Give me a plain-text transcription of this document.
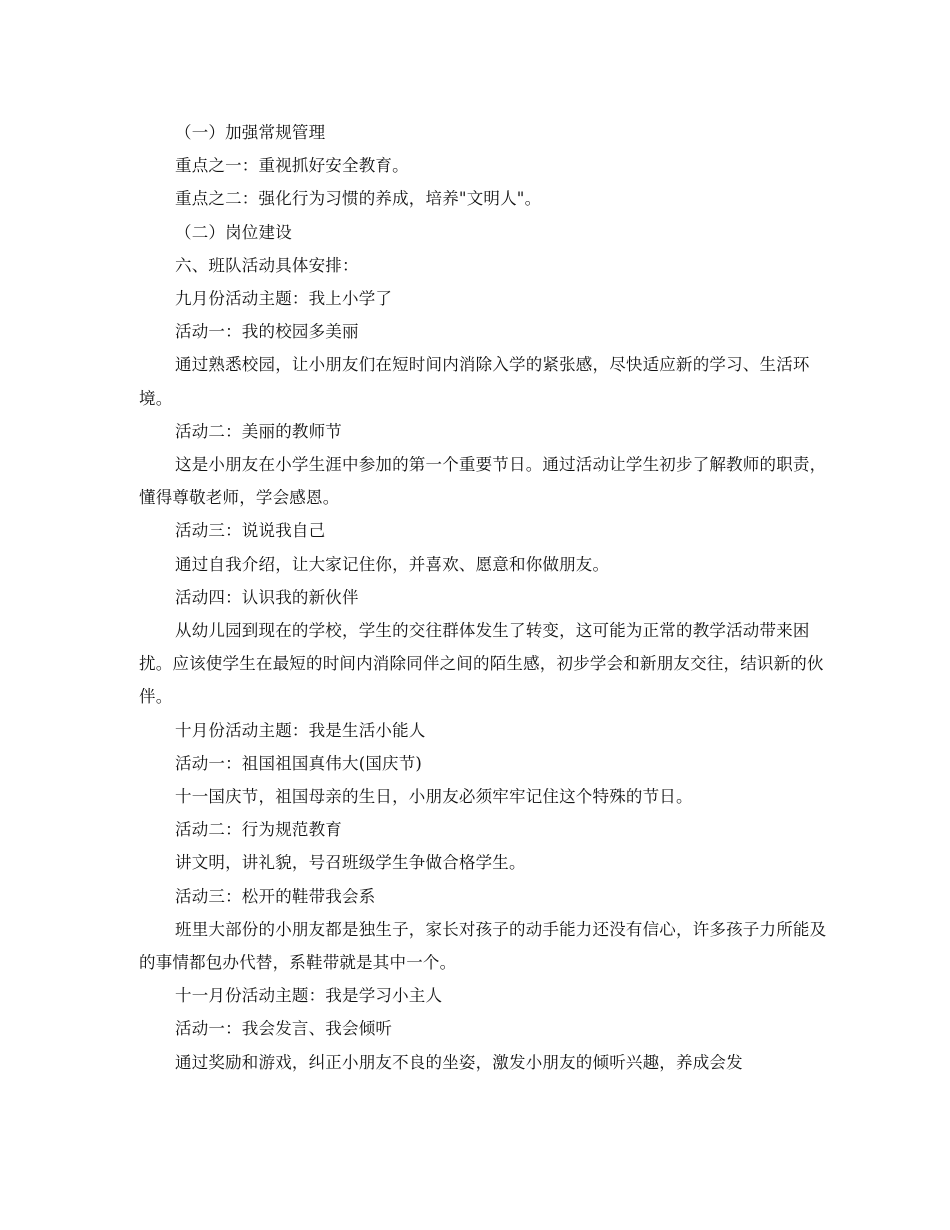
（一）加强常规管理

重点之一：重视抓好安全教育。

重点之二：强化行为习惯的养成，培养"文明人"。

（二）岗位建设

六、班队活动具体安排：

九月份活动主题：我上小学了

活动一：我的校园多美丽

通过熟悉校园，让小朋友们在短时间内消除入学的紧张感，尽快适应新的学习、生活环境。

活动二：美丽的教师节

这是小朋友在小学生涯中参加的第一个重要节日。通过活动让学生初步了解教师的职责，懂得尊敬老师，学会感恩。

活动三：说说我自己

通过自我介绍，让大家记住你，并喜欢、愿意和你做朋友。

活动四：认识我的新伙伴

从幼儿园到现在的学校，学生的交往群体发生了转变，这可能为正常的教学活动带来困扰。应该使学生在最短的时间内消除同伴之间的陌生感，初步学会和新朋友交往，结识新的伙伴。

十月份活动主题：我是生活小能人

活动一：祖国祖国真伟大(国庆节)

十一国庆节，祖国母亲的生日，小朋友必须牢牢记住这个特殊的节日。

活动二：行为规范教育

讲文明，讲礼貌，号召班级学生争做合格学生。

活动三：松开的鞋带我会系

班里大部份的小朋友都是独生子，家长对孩子的动手能力还没有信心，许多孩子力所能及的事情都包办代替，系鞋带就是其中一个。

十一月份活动主题：我是学习小主人

活动一：我会发言、我会倾听

通过奖励和游戏，纠正小朋友不良的坐姿，激发小朋友的倾听兴趣，养成会发
